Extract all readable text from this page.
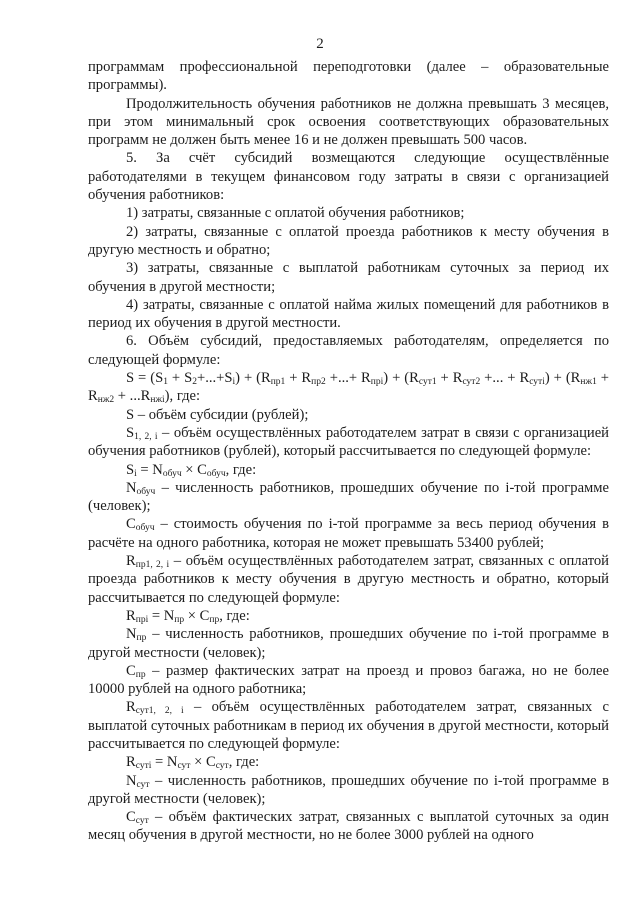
2

программам профессиональной переподготовки (далее – образовательные программы).

Продолжительность обучения работников не должна превышать 3 месяцев, при этом минимальный срок освоения соответствующих образовательных программ не должен быть менее 16 и не должен превышать 500 часов.

5. За счёт субсидий возмещаются следующие осуществлённые работодателями в текущем финансовом году затраты в связи с организацией обучения работников:

1) затраты, связанные с оплатой обучения работников;

2) затраты, связанные с оплатой проезда работников к месту обучения в другую местность и обратно;

3) затраты, связанные с выплатой работникам суточных за период их обучения в другой местности;

4) затраты, связанные с оплатой найма жилых помещений для работников в период их обучения в другой местности.

6. Объём субсидий, предоставляемых работодателям, определяется по следующей формуле:

$S = (S_1 + S_2+...+S_i) + (R_{пр1} + R_{пр2}$ +...+ $R_{прi}) + (R_{сут1} + R_{сут2}$ +... + $R_{сутi}) + (R_{нж1} + R_{нж2} + ...R_{нжi})$, где:

S – объём субсидии (рублей);

$S_{1, 2, i}$ – объём осуществлённых работодателем затрат в связи с организацией обучения работников (рублей), который рассчитывается по следующей формуле:

$S_i = N_{обуч} \times C_{обуч}$, где:

$N_{обуч}$ – численность работников, прошедших обучение по i-той программе (человек);

$C_{обуч}$ – стоимость обучения по i-той программе за весь период обучения в расчёте на одного работника, которая не может превышать 53400 рублей;

$R_{пр1, 2, i}$ – объём осуществлённых работодателем затрат, связанных с оплатой проезда работников к месту обучения в другую местность и обратно, который рассчитывается по следующей формуле:

$R_{прi} = N_{пр} \times C_{пр}$, где:

$N_{пр}$ – численность работников, прошедших обучение по i-той программе в другой местности (человек);

$C_{пр}$ – размер фактических затрат на проезд и провоз багажа, но не более 10000 рублей на одного работника;

$R_{сут1, 2, i}$ – объём осуществлённых работодателем затрат, связанных с выплатой суточных работникам в период их обучения в другой местности, который рассчитывается по следующей формуле:

$R_{сутi} = N_{сут} \times C_{сут}$, где:

$N_{сут}$ – численность работников, прошедших обучение по i-той программе в другой местности (человек);

$C_{сут}$ – объём фактических затрат, связанных с выплатой суточных за один месяц обучения в другой местности, но не более 3000 рублей на одного
